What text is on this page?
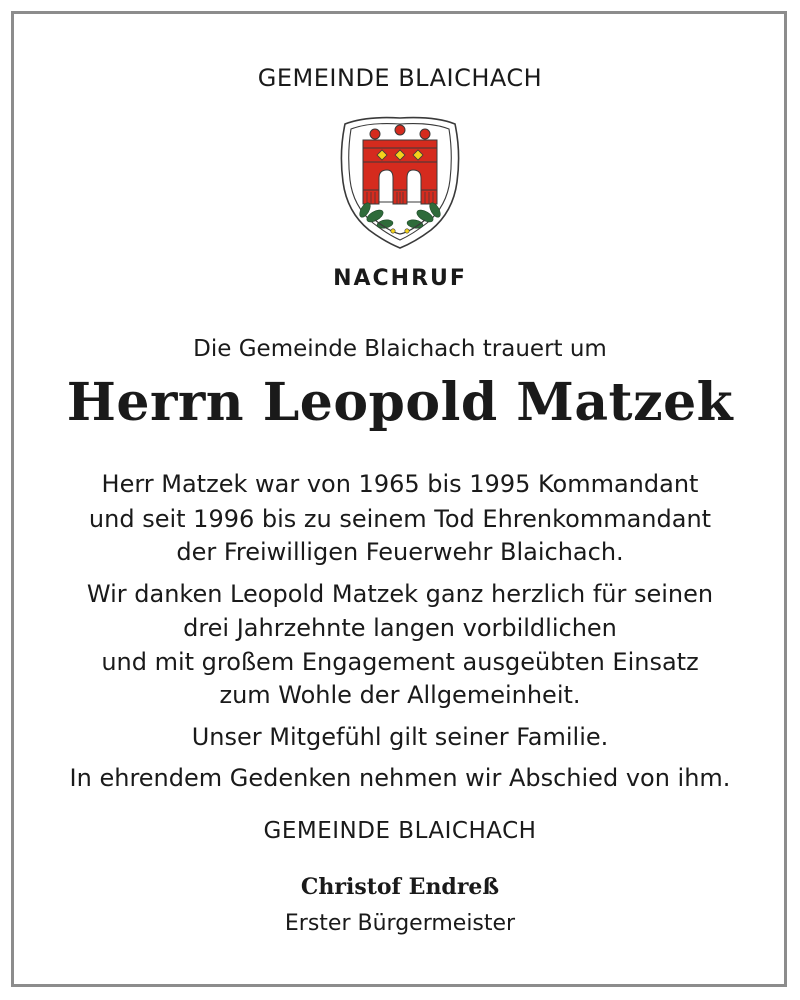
GEMEINDE BLAICHACH
NACHRUF
Die Gemeinde Blaichach trauert um
Herrn Leopold Matzek
Herr Matzek war von 1965 bis 1995 Kommandant
und seit 1996 bis zu seinem Tod Ehrenkommandant
der Freiwilligen Feuerwehr Blaichach.
Wir danken Leopold Matzek ganz herzlich für seinen
drei Jahrzehnte langen vorbildlichen
und mit großem Engagement ausgeübten Einsatz
zum Wohle der Allgemeinheit.
Unser Mitgefühl gilt seiner Familie.
In ehrendem Gedenken nehmen wir Abschied von ihm.
GEMEINDE BLAICHACH
Christof Endreß
Erster Bürgermeister
